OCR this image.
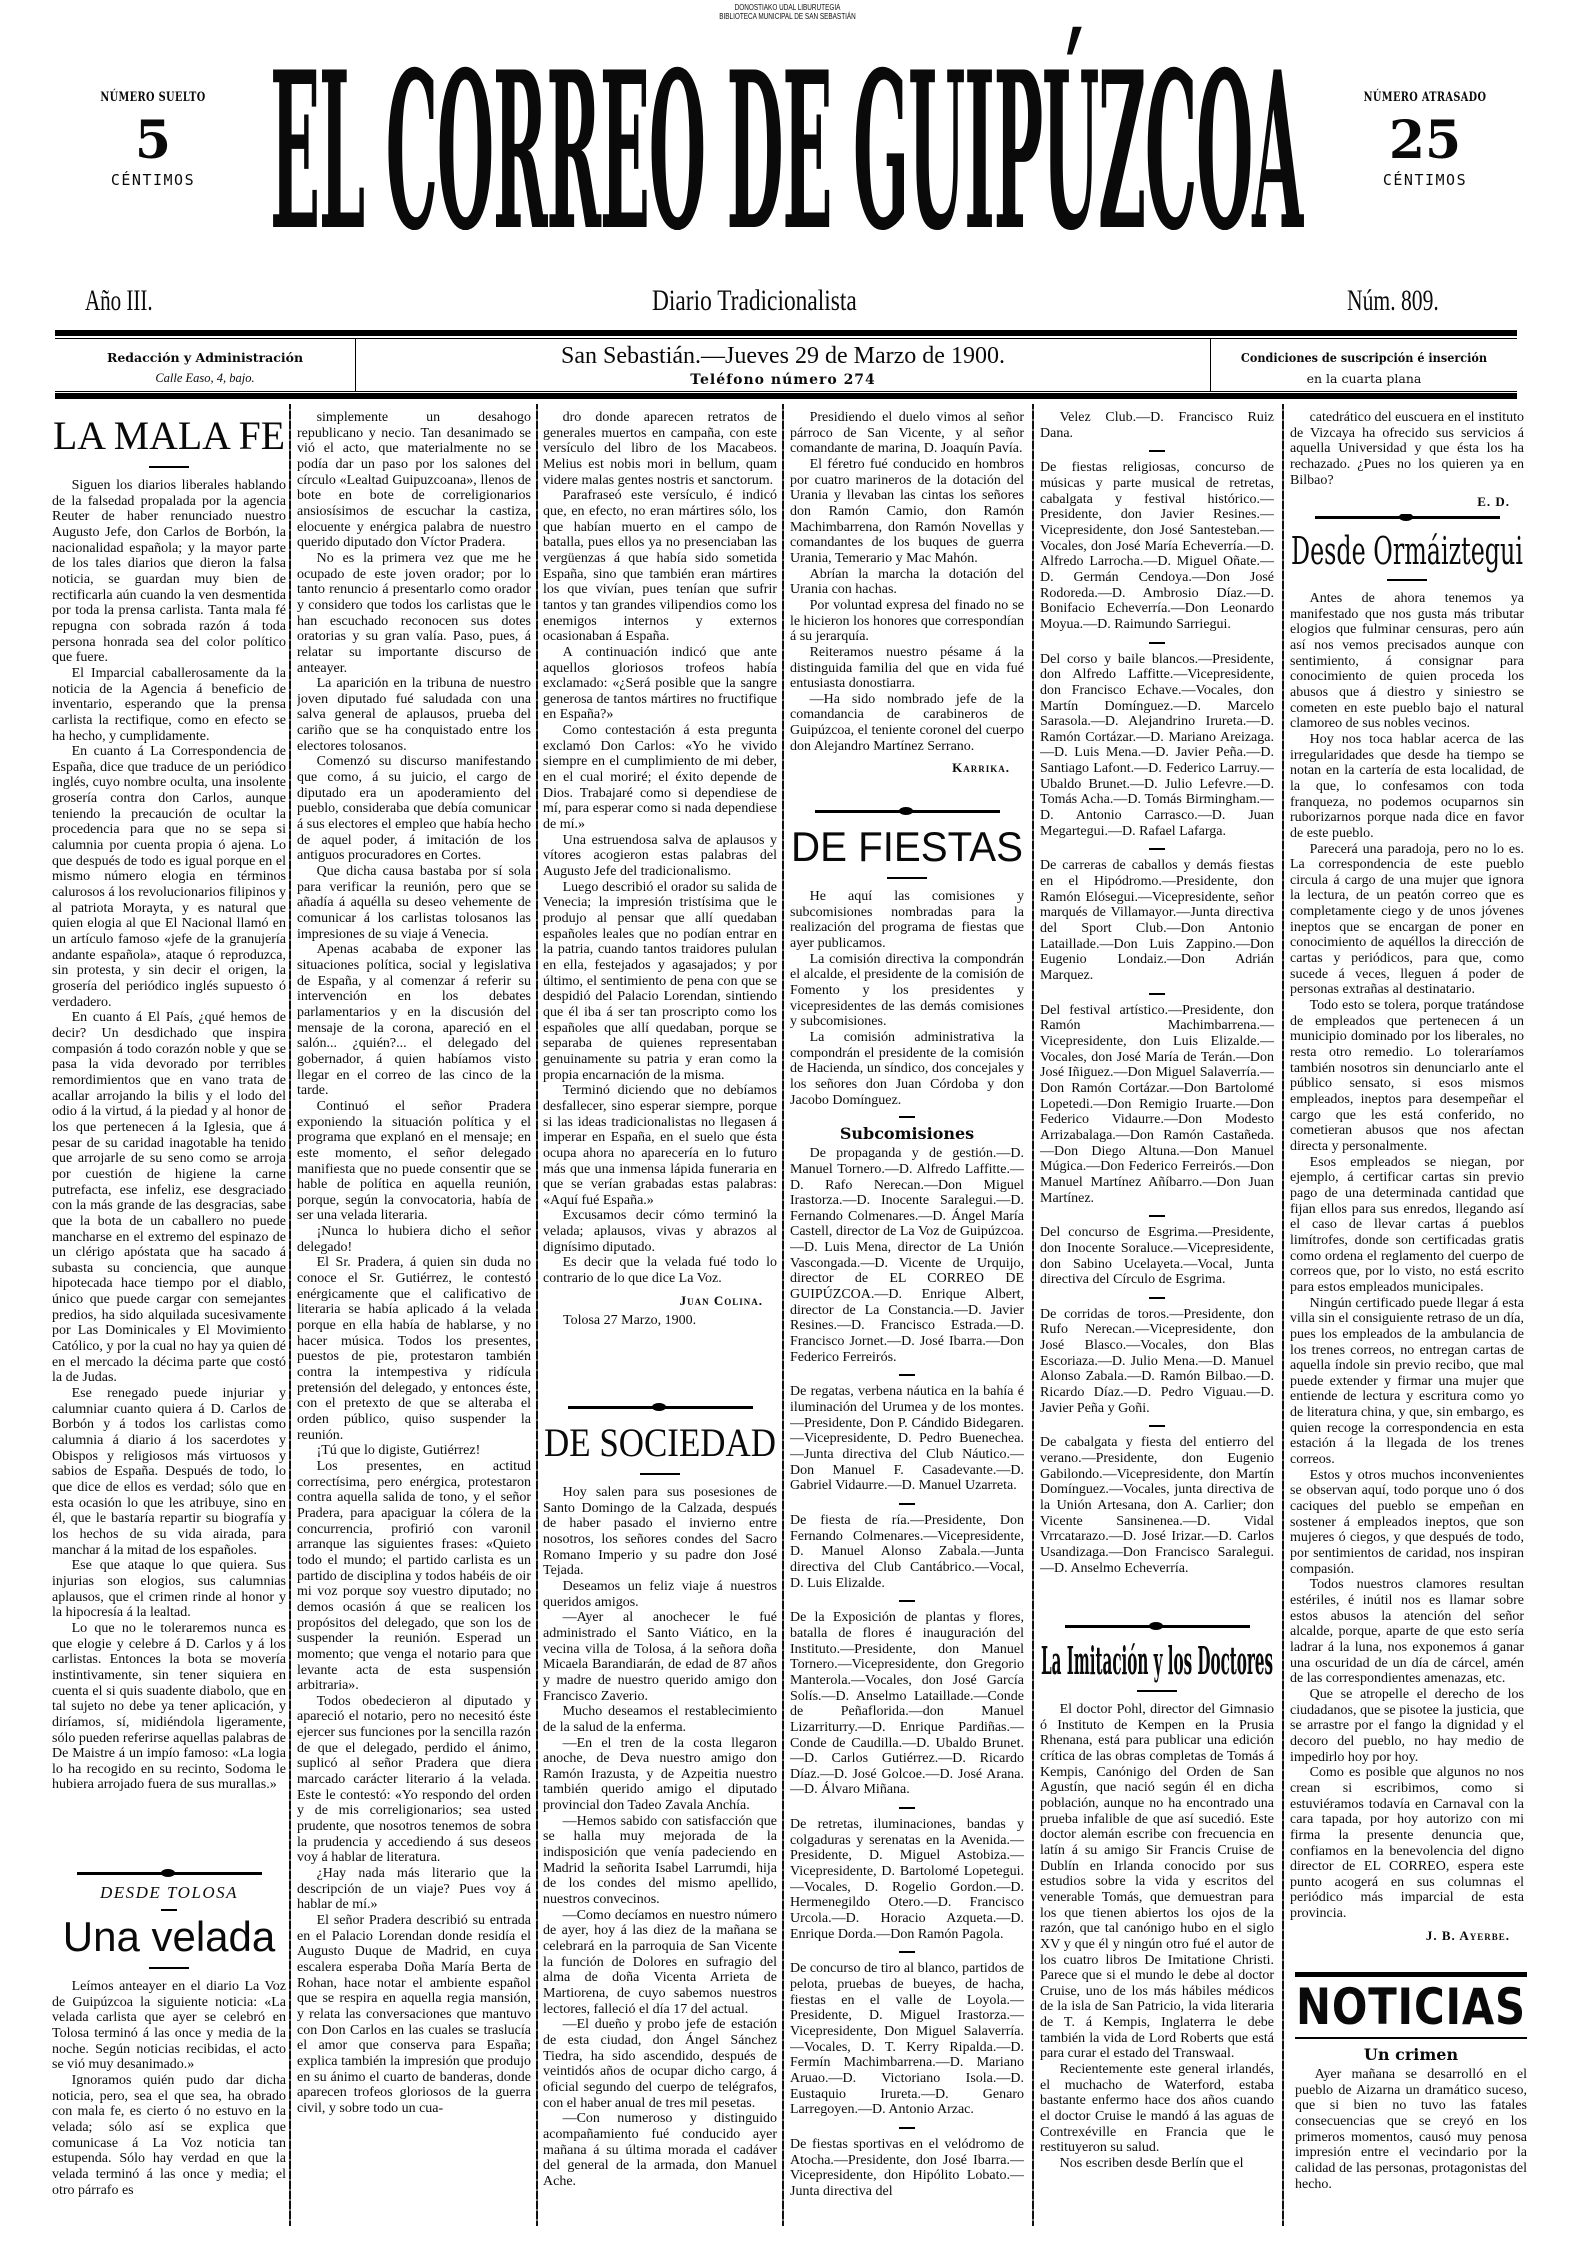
DONOSTIAKO UDAL LIBURUTEGIA
BIBLIOTECA MUNICIPAL DE SAN SEBASTIÁN
NÚMERO SUELTO
5
CÉNTIMOS
NÚMERO ATRASADO
25
CÉNTIMOS
EL CORREO DE GUIPÚZCOA
Año III.	Diario Tradicionalista	Núm. 809.
Redacción y Administración
Calle Easo, 4, bajo.
San Sebastián.—Jueves 29 de Marzo de 1900.
Teléfono número 274
Condiciones de suscripción é inserción
en la cuarta plana
LA MALA FE

Siguen los diarios liberales hablando de la falsedad propalada por la agencia Reuter de haber renunciado nuestro Augusto Jefe, don Carlos de Borbón, la nacionalidad española; y la mayor parte de los tales diarios que dieron la falsa noticia, se guardan muy bien de rectificarla aún cuando la ven desmentida por toda la prensa carlista. Tanta mala fé repugna con sobrada razón á toda persona honrada sea del color político que fuere.

El Imparcial caballerosamente da la noticia de la Agencia á beneficio de inventario, esperando que la prensa carlista la rectifique, como en efecto se ha hecho, y cumplidamente.

En cuanto á La Correspondencia de España, dice que traduce de un periódico inglés, cuyo nombre oculta, una insolente grosería contra don Carlos, aunque teniendo la precaución de ocultar la procedencia para que no se sepa si calumnia por cuenta propia ó ajena. Lo que después de todo es igual porque en el mismo número elogia en términos calurosos á los revolucionarios filipinos y al patriota Morayta, y es natural que quien elogia al que El Nacional llamó en un artículo famoso «jefe de la granujería andante española», ataque ó reproduzca, sin protesta, y sin decir el origen, la grosería del periódico inglés supuesto ó verdadero.

En cuanto á El País, ¿qué hemos de decir? Un desdichado que inspira compasión á todo corazón noble y que se pasa la vida devorado por terribles remordimientos que en vano trata de acallar arrojando la bilis y el lodo del odio á la virtud, á la piedad y al honor de los que pertenecen á la Iglesia, que á pesar de su caridad inagotable ha tenido que arrojarle de su seno como se arroja por cuestión de higiene la carne putrefacta, ese infeliz, ese desgraciado con la más grande de las desgracias, sabe que la bota de un caballero no puede mancharse en el extremo del espinazo de un clérigo apóstata que ha sacado á subasta su conciencia, que aunque hipotecada hace tiempo por el diablo, único que puede cargar con semejantes predios, ha sido alquilada sucesivamente por Las Dominicales y El Movimiento Católico, y por la cual no hay ya quien dé en el mercado la décima parte que costó la de Judas.

Ese renegado puede injuriar y calumniar cuanto quiera á D. Carlos de Borbón y á todos los carlistas como calumnia á diario á los sacerdotes y Obispos y religiosos más virtuosos y sabios de España. Después de todo, lo que dice de ellos es verdad; sólo que en esta ocasión lo que les atribuye, sino en él, que le bastaría repartir su biografía y los hechos de su vida airada, para manchar á la mitad de los españoles.

Ese que ataque lo que quiera. Sus injurias son elogios, sus calumnias aplausos, que el crimen rinde al honor y la hipocresía á la lealtad.

Lo que no le toleraremos nunca es que elogie y celebre á D. Carlos y á los carlistas. Entonces la bota se movería instintivamente, sin tener siquiera en cuenta el si quis suadente diabolo, que en tal sujeto no debe ya tener aplicación, y diríamos, sí, midiéndola ligeramente, sólo pueden referirse aquellas palabras de De Maistre á un impío famoso: «La logia lo ha recogido en su recinto, Sodoma le hubiera arrojado fuera de sus murallas.»

DESDE TOLOSA
Una velada

Leímos anteayer en el diario La Voz de Guipúzcoa la siguiente noticia: «La velada carlista que ayer se celebró en Tolosa terminó á las once y media de la noche. Según noticias recibidas, el acto se vió muy desanimado.»

Ignoramos quién pudo dar dicha noticia, pero, sea el que sea, ha obrado con mala fe, es cierto ó no estuvo en la velada; sólo así se explica que comunicase á La Voz noticia tan estupenda. Sólo hay verdad en que la velada terminó á las once y media; el otro párrafo es

simplemente un desahogo republicano y necio. Tan desanimado se vió el acto, que materialmente no se podía dar un paso por los salones del círculo «Lealtad Guipuzcoana», llenos de bote en bote de correligionarios ansiosísimos de escuchar la castiza, elocuente y enérgica palabra de nuestro querido diputado don Víctor Pradera.

No es la primera vez que me he ocupado de este joven orador; por lo tanto renuncio á presentarlo como orador y considero que todos los carlistas que le han escuchado reconocen sus dotes oratorias y su gran valía. Paso, pues, á relatar su importante discurso de anteayer.

La aparición en la tribuna de nuestro joven diputado fué saludada con una salva general de aplausos, prueba del cariño que se ha conquistado entre los electores tolosanos.

Comenzó su discurso manifestando que como, á su juicio, el cargo de diputado era un apoderamiento del pueblo, consideraba que debía comunicar á sus electores el empleo que había hecho de aquel poder, á imitación de los antiguos procuradores en Cortes.

Que dicha causa bastaba por sí sola para verificar la reunión, pero que se añadía á aquélla su deseo vehemente de comunicar á los carlistas tolosanos las impresiones de su viaje á Venecia.

Apenas acababa de exponer las situaciones política, social y legislativa de España, y al comenzar á referir su intervención en los debates parlamentarios y en la discusión del mensaje de la corona, apareció en el salón... ¿quién?... el delegado del gobernador, á quien habíamos visto llegar en el correo de las cinco de la tarde.

Continuó el señor Pradera exponiendo la situación política y el programa que explanó en el mensaje; en este momento, el señor delegado manifiesta que no puede consentir que se hable de política en aquella reunión, porque, según la convocatoria, había de ser una velada literaria.

¡Nunca lo hubiera dicho el señor delegado!

El Sr. Pradera, á quien sin duda no conoce el Sr. Gutiérrez, le contestó enérgicamente que el calificativo de literaria se había aplicado á la velada porque en ella había de hablarse, y no hacer música. Todos los presentes, puestos de pie, protestaron también contra la intempestiva y ridícula pretensión del delegado, y entonces éste, con el pretexto de que se alteraba el orden público, quiso suspender la reunión.

¡Tú que lo digiste, Gutiérrez!

Los presentes, en actitud correctísima, pero enérgica, protestaron contra aquella salida de tono, y el señor Pradera, para apaciguar la cólera de la concurrencia, profirió con varonil arranque las siguientes frases: «Quieto todo el mundo; el partido carlista es un partido de disciplina y todos habéis de oir mi voz porque soy vuestro diputado; no demos ocasión á que se realicen los propósitos del delegado, que son los de suspender la reunión. Esperad un momento; que venga el notario para que levante acta de esta suspensión arbitraria».

Todos obedecieron al diputado y apareció el notario, pero no necesitó éste ejercer sus funciones por la sencilla razón de que el delegado, perdido el ánimo, suplicó al señor Pradera que diera marcado carácter literario á la velada. Este le contestó: «Yo respondo del orden y de mis correligionarios; sea usted prudente, que nosotros tenemos de sobra la prudencia y accediendo á sus deseos voy á hablar de literatura.

¿Hay nada más literario que la descripción de un viaje? Pues voy á hablar de mí.»

El señor Pradera describió su entrada en el Palacio Lorendan donde residía el Augusto Duque de Madrid, en cuya escalera esperaba Doña María Berta de Rohan, hace notar el ambiente español que se respira en aquella regia mansión, y relata las conversaciones que mantuvo con Don Carlos en las cuales se traslucía el amor que conserva para España; explica también la impresión que produjo en su ánimo el cuarto de banderas, donde aparecen trofeos gloriosos de la guerra civil, y sobre todo un cua-

dro donde aparecen retratos de generales muertos en campaña, con este versículo del libro de los Macabeos. Melius est nobis mori in bellum, quam videre malas gentes nostris et sanctorum.

Parafraseó este versículo, é indicó que, en efecto, no eran mártires sólo, los que habían muerto en el campo de batalla, pues ellos ya no presenciaban las vergüenzas á que había sido sometida España, sino que también eran mártires los que vivían, pues tenían que sufrir tantos y tan grandes vilipendios como los enemigos internos y externos ocasionaban á España.

A continuación indicó que ante aquellos gloriosos trofeos había exclamado: «¿Será posible que la sangre generosa de tantos mártires no fructifique en España?»

Como contestación á esta pregunta exclamó Don Carlos: «Yo he vivido siempre en el cumplimiento de mi deber, en el cual moriré; el éxito depende de Dios. Trabajaré como si dependiese de mí, para esperar como si nada dependiese de mí.»

Una estruendosa salva de aplausos y vítores acogieron estas palabras del Augusto Jefe del tradicionalismo.

Luego describió el orador su salida de Venecia; la impresión tristísima que le produjo al pensar que allí quedaban españoles leales que no podían entrar en la patria, cuando tantos traidores pululan en ella, festejados y agasajados; y por último, el sentimiento de pena con que se despidió del Palacio Lorendan, sintiendo que él iba á ser tan proscripto como los españoles que allí quedaban, porque se separaba de quienes representaban genuinamente su patria y eran como la propia encarnación de la misma.

Terminó diciendo que no debíamos desfallecer, sino esperar siempre, porque si las ideas tradicionalistas no llegasen á imperar en España, en el suelo que ésta ocupa ahora no aparecería en lo futuro más que una inmensa lápida funeraria en que se verían grabadas estas palabras: «Aquí fué España.»

Excusamos decir cómo terminó la velada; aplausos, vivas y abrazos al dignísimo diputado.

Es decir que la velada fué todo lo contrario de lo que dice La Voz.

Juan Colina.
Tolosa 27 Marzo, 1900.
DE SOCIEDAD

Hoy salen para sus posesiones de Santo Domingo de la Calzada, después de haber pasado el invierno entre nosotros, los señores condes del Sacro Romano Imperio y su padre don José Tejada.

Deseamos un feliz viaje á nuestros queridos amigos.

—Ayer al anochecer le fué administrado el Santo Viático, en la vecina villa de Tolosa, á la señora doña Micaela Barandiarán, de edad de 87 años y madre de nuestro querido amigo don Francisco Zaverio.

Mucho deseamos el restablecimiento de la salud de la enferma.

—En el tren de la costa llegaron anoche, de Deva nuestro amigo don Ramón Irazusta, y de Azpeitia nuestro también querido amigo el diputado provincial don Tadeo Zavala Anchía.

—Hemos sabido con satisfacción que se halla muy mejorada de la indisposición que venía padeciendo en Madrid la señorita Isabel Larrumdi, hija de los condes del mismo apellido, nuestros convecinos.

—Como decíamos en nuestro número de ayer, hoy á las diez de la mañana se celebrará en la parroquia de San Vicente la función de Dolores en sufragio del alma de doña Vicenta Arrieta de Martiorena, de cuyo sabemos nuestros lectores, falleció el día 17 del actual.

—El dueño y probo jefe de estación de esta ciudad, don Ángel Sánchez Tiedra, ha sido ascendido, después de veintidós años de ocupar dicho cargo, á oficial segundo del cuerpo de telégrafos, con el haber anual de tres mil pesetas.

—Con numeroso y distinguido acompañamiento fué conducido ayer mañana á su última morada el cadáver del general de la armada, don Manuel Ache.

Presidiendo el duelo vimos al señor párroco de San Vicente, y al señor comandante de marina, D. Joaquín Pavía.

El féretro fué conducido en hombros por cuatro marineros de la dotación del Urania y llevaban las cintas los señores don Ramón Camio, don Ramón Machimbarrena, don Ramón Novellas y comandantes de los buques de guerra Urania, Temerario y Mac Mahón.

Abrían la marcha la dotación del Urania con hachas.

Por voluntad expresa del finado no se le hicieron los honores que correspondían á su jerarquía.

Reiteramos nuestro pésame á la distinguida familia del que en vida fué entusiasta donostiarra.

—Ha sido nombrado jefe de la comandancia de carabineros de Guipúzcoa, el teniente coronel del cuerpo don Alejandro Martínez Serrano.

Karrika.
DE FIESTAS

He aquí las comisiones y subcomisiones nombradas para la realización del programa de fiestas que ayer publicamos.

La comisión directiva la compondrán el alcalde, el presidente de la comisión de Fomento y los presidentes y vicepresidentes de las demás comisiones y subcomisiones.

La comisión administrativa la compondrán el presidente de la comisión de Hacienda, un síndico, dos concejales y los señores don Juan Córdoba y don Jacobo Domínguez.

Subcomisiones

De propaganda y de gestión.—D. Manuel Tornero.—D. Alfredo Laffitte.—D. Rafo Nerecan.—Don Miguel Irastorza.—D. Inocente Saralegui.—D. Fernando Colmenares.—D. Ángel María Castell, director de La Voz de Guipúzcoa.—D. Luis Mena, director de La Unión Vascongada.—D. Vicente de Urquijo, director de EL CORREO DE GUIPÚZCOA.—D. Enrique Albert, director de La Constancia.—D. Javier Resines.—D. Francisco Estrada.—D. Francisco Jornet.—D. José Ibarra.—Don Federico Ferreirós.

De regatas, verbena náutica en la bahía é iluminación del Urumea y de los montes.—Presidente, Don P. Cándido Bidegaren.—Vicepresidente, D. Pedro Buenechea.—Junta directiva del Club Náutico.—Don Manuel F. Casadevante.—D. Gabriel Vidaurre.—D. Manuel Uzarreta.

De fiesta de ría.—Presidente, Don Fernando Colmenares.—Vicepresidente, D. Manuel Alonso Zabala.—Junta directiva del Club Cantábrico.—Vocal, D. Luis Elizalde.

De la Exposición de plantas y flores, batalla de flores é inauguración del Instituto.—Presidente, don Manuel Tornero.—Vicepresidente, don Gregorio Manterola.—Vocales, don José García Solís.—D. Anselmo Lataillade.—Conde de Peñaflorida.—don Manuel Lizarriturry.—D. Enrique Pardiñas.—Conde de Caudilla.—D. Ubaldo Brunet.—D. Carlos Gutiérrez.—D. Ricardo Díaz.—D. José Golcoe.—D. José Arana.—D. Álvaro Miñana.

De retretas, iluminaciones, bandas y colgaduras y serenatas en la Avenida.—Presidente, D. Miguel Astobiza.—Vicepresidente, D. Bartolomé Lopetegui.—Vocales, D. Rogelio Gordon.—D. Hermenegildo Otero.—D. Francisco Urcola.—D. Horacio Azqueta.—D. Enrique Dorda.—Don Ramón Pagola.

De concurso de tiro al blanco, partidos de pelota, pruebas de bueyes, de hacha, fiestas en el valle de Loyola.—Presidente, D. Miguel Irastorza.—Vicepresidente, Don Miguel Salaverría.—Vocales, D. T. Kerry Ripalda.—D. Fermín Machimbarrena.—D. Mariano Aruao.—D. Victoriano Isola.—D. Eustaquio Irureta.—D. Genaro Larregoyen.—D. Antonio Arzac.

De fiestas sportivas en el velódromo de Atocha.—Presidente, don José Ibarra.—Vicepresidente, don Hipólito Lobato.—Junta directiva del

Velez Club.—D. Francisco Ruiz Dana.

De fiestas religiosas, concurso de músicas y parte musical de retretas, cabalgata y festival histórico.—Presidente, don Javier Resines.—Vicepresidente, don José Santesteban.—Vocales, don José María Echeverría.—D. Alfredo Larrocha.—D. Miguel Oñate.—D. Germán Cendoya.—Don José Rodoreda.—D. Ambrosio Díaz.—D. Bonifacio Echeverría.—Don Leonardo Moyua.—D. Raimundo Sarriegui.

Del corso y baile blancos.—Presidente, don Alfredo Laffitte.—Vicepresidente, don Francisco Echave.—Vocales, don Martín Domínguez.—D. Marcelo Sarasola.—D. Alejandrino Irureta.—D. Ramón Cortázar.—D. Mariano Areizaga.—D. Luis Mena.—D. Javier Peña.—D. Santiago Lafont.—D. Federico Larruy.—Ubaldo Brunet.—D. Julio Lefevre.—D. Tomás Acha.—D. Tomás Birmingham.—D. Antonio Carrasco.—D. Juan Megartegui.—D. Rafael Lafarga.

De carreras de caballos y demás fiestas en el Hipódromo.—Presidente, don Ramón Elósegui.—Vicepresidente, señor marqués de Villamayor.—Junta directiva del Sport Club.—Don Antonio Lataillade.—Don Luis Zappino.—Don Eugenio Londaiz.—Don Adrián Marquez.

Del festival artístico.—Presidente, don Ramón Machimbarrena.—Vicepresidente, don Luis Elizalde.—Vocales, don José María de Terán.—Don José Iñiguez.—Don Miguel Salaverría.—Don Ramón Cortázar.—Don Bartolomé Lopetedi.—Don Remigio Iruarte.—Don Federico Vidaurre.—Don Modesto Arrizabalaga.—Don Ramón Castañeda.—Don Diego Altuna.—Don Manuel Múgica.—Don Federico Ferreirós.—Don Manuel Martínez Añíbarro.—Don Juan Martínez.

Del concurso de Esgrima.—Presidente, don Inocente Soraluce.—Vicepresidente, don Sabino Ucelayeta.—Vocal, Junta directiva del Círculo de Esgrima.

De corridas de toros.—Presidente, don Rufo Nerecan.—Vicepresidente, don José Blasco.—Vocales, don Blas Escoriaza.—D. Julio Mena.—D. Manuel Alonso Zabala.—D. Ramón Bilbao.—D. Ricardo Díaz.—D. Pedro Viguau.—D. Javier Peña y Goñi.

De cabalgata y fiesta del entierro del verano.—Presidente, don Eugenio Gabilondo.—Vicepresidente, don Martín Domínguez.—Vocales, junta directiva de la Unión Artesana, don A. Carlier; don Vicente Sansinenea.—D. Vidal Vrrcatarazo.—D. José Irizar.—D. Carlos Usandizaga.—Don Francisco Saralegui.—D. Anselmo Echeverría.

La Imitación y los Doctores

El doctor Pohl, director del Gimnasio ó Instituto de Kempen en la Prusia Rhenana, está para publicar una edición crítica de las obras completas de Tomás á Kempis, Canónigo del Orden de San Agustín, que nació según él en dicha población, aunque no ha encontrado una prueba infalible de que así sucedió. Este doctor alemán escribe con frecuencia en latín á su amigo Sir Francis Cruise de Dublín en Irlanda conocido por sus estudios sobre la vida y escritos del venerable Tomás, que demuestran para los que tienen abiertos los ojos de la razón, que tal canónigo hubo en el siglo XV y que él y ningún otro fué el autor de los cuatro libros De Imitatione Christi. Parece que si el mundo le debe al doctor Cruise, uno de los más hábiles médicos de la isla de San Patricio, la vida literaria de T. á Kempis, Inglaterra le debe también la vida de Lord Roberts que está para curar el estado del Transwaal.

Recientemente este general irlandés, el muchacho de Waterford, estaba bastante enfermo hace dos años cuando el doctor Cruise le mandó á las aguas de Contrexéville en Francia que le restituyeron su salud.

Nos escriben desde Berlín que el

catedrático del euscuera en el instituto de Vizcaya ha ofrecido sus servicios á aquella Universidad y que ésta los ha rechazado. ¿Pues no los quieren ya en Bilbao?

E. D.
Desde Ormáiztegui

Antes de ahora tenemos ya manifestado que nos gusta más tributar elogios que fulminar censuras, pero aún así nos vemos precisados aunque con sentimiento, á consignar para conocimiento de quien proceda los abusos que á diestro y siniestro se cometen en este pueblo bajo el natural clamoreo de sus nobles vecinos.

Hoy nos toca hablar acerca de las irregularidades que desde ha tiempo se notan en la cartería de esta localidad, de la que, lo confesamos con toda franqueza, no podemos ocuparnos sin ruborizarnos porque nada dice en favor de este pueblo.

Parecerá una paradoja, pero no lo es. La correspondencia de este pueblo circula á cargo de una mujer que ignora la lectura, de un peatón correo que es completamente ciego y de unos jóvenes ineptos que se encargan de poner en conocimiento de aquéllos la dirección de cartas y periódicos, para que, como sucede á veces, lleguen á poder de personas extrañas al destinatario.

Todo esto se tolera, porque tratándose de empleados que pertenecen á un municipio dominado por los liberales, no resta otro remedio. Lo toleraríamos también nosotros sin denunciarlo ante el público sensato, si esos mismos empleados, ineptos para desempeñar el cargo que les está conferido, no cometieran abusos que nos afectan directa y personalmente.

Esos empleados se niegan, por ejemplo, á certificar cartas sin previo pago de una determinada cantidad que fijan ellos para sus enredos, llegando así el caso de llevar cartas á pueblos limítrofes, donde son certificadas gratis como ordena el reglamento del cuerpo de correos que, por lo visto, no está escrito para estos empleados municipales.

Ningún certificado puede llegar á esta villa sin el consiguiente retraso de un día, pues los empleados de la ambulancia de los trenes correos, no entregan cartas de aquella índole sin previo recibo, que mal puede extender y firmar una mujer que entiende de lectura y escritura como yo de literatura china, y que, sin embargo, es quien recoge la correspondencia en esta estación á la llegada de los trenes correos.

Estos y otros muchos inconvenientes se observan aquí, todo porque uno ó dos caciques del pueblo se empeñan en sostener á empleados ineptos, que son mujeres ó ciegos, y que después de todo, por sentimientos de caridad, nos inspiran compasión.

Todos nuestros clamores resultan estériles, é inútil nos es llamar sobre estos abusos la atención del señor alcalde, porque, aparte de que esto sería ladrar á la luna, nos exponemos á ganar una oscuridad de un día de cárcel, amén de las correspondientes amenazas, etc.

Que se atropelle el derecho de los ciudadanos, que se pisotee la justicia, que se arrastre por el fango la dignidad y el decoro del pueblo, no hay medio de impedirlo hoy por hoy.

Como es posible que algunos no nos crean si escribimos, como si estuviéramos todavía en Carnaval con la cara tapada, por hoy autorizo con mi firma la presente denuncia que, confiamos en la benevolencia del digno director de EL CORREO, espera este punto acogerá en sus columnas el periódico más imparcial de esta provincia.

J. B. Ayerbe.
NOTICIAS
Un crimen

Ayer mañana se desarrolló en el pueblo de Aizarna un dramático suceso, que si bien no tuvo las fatales consecuencias que se creyó en los primeros momentos, causó muy penosa impresión entre el vecindario por la calidad de las personas, protagonistas del hecho.
